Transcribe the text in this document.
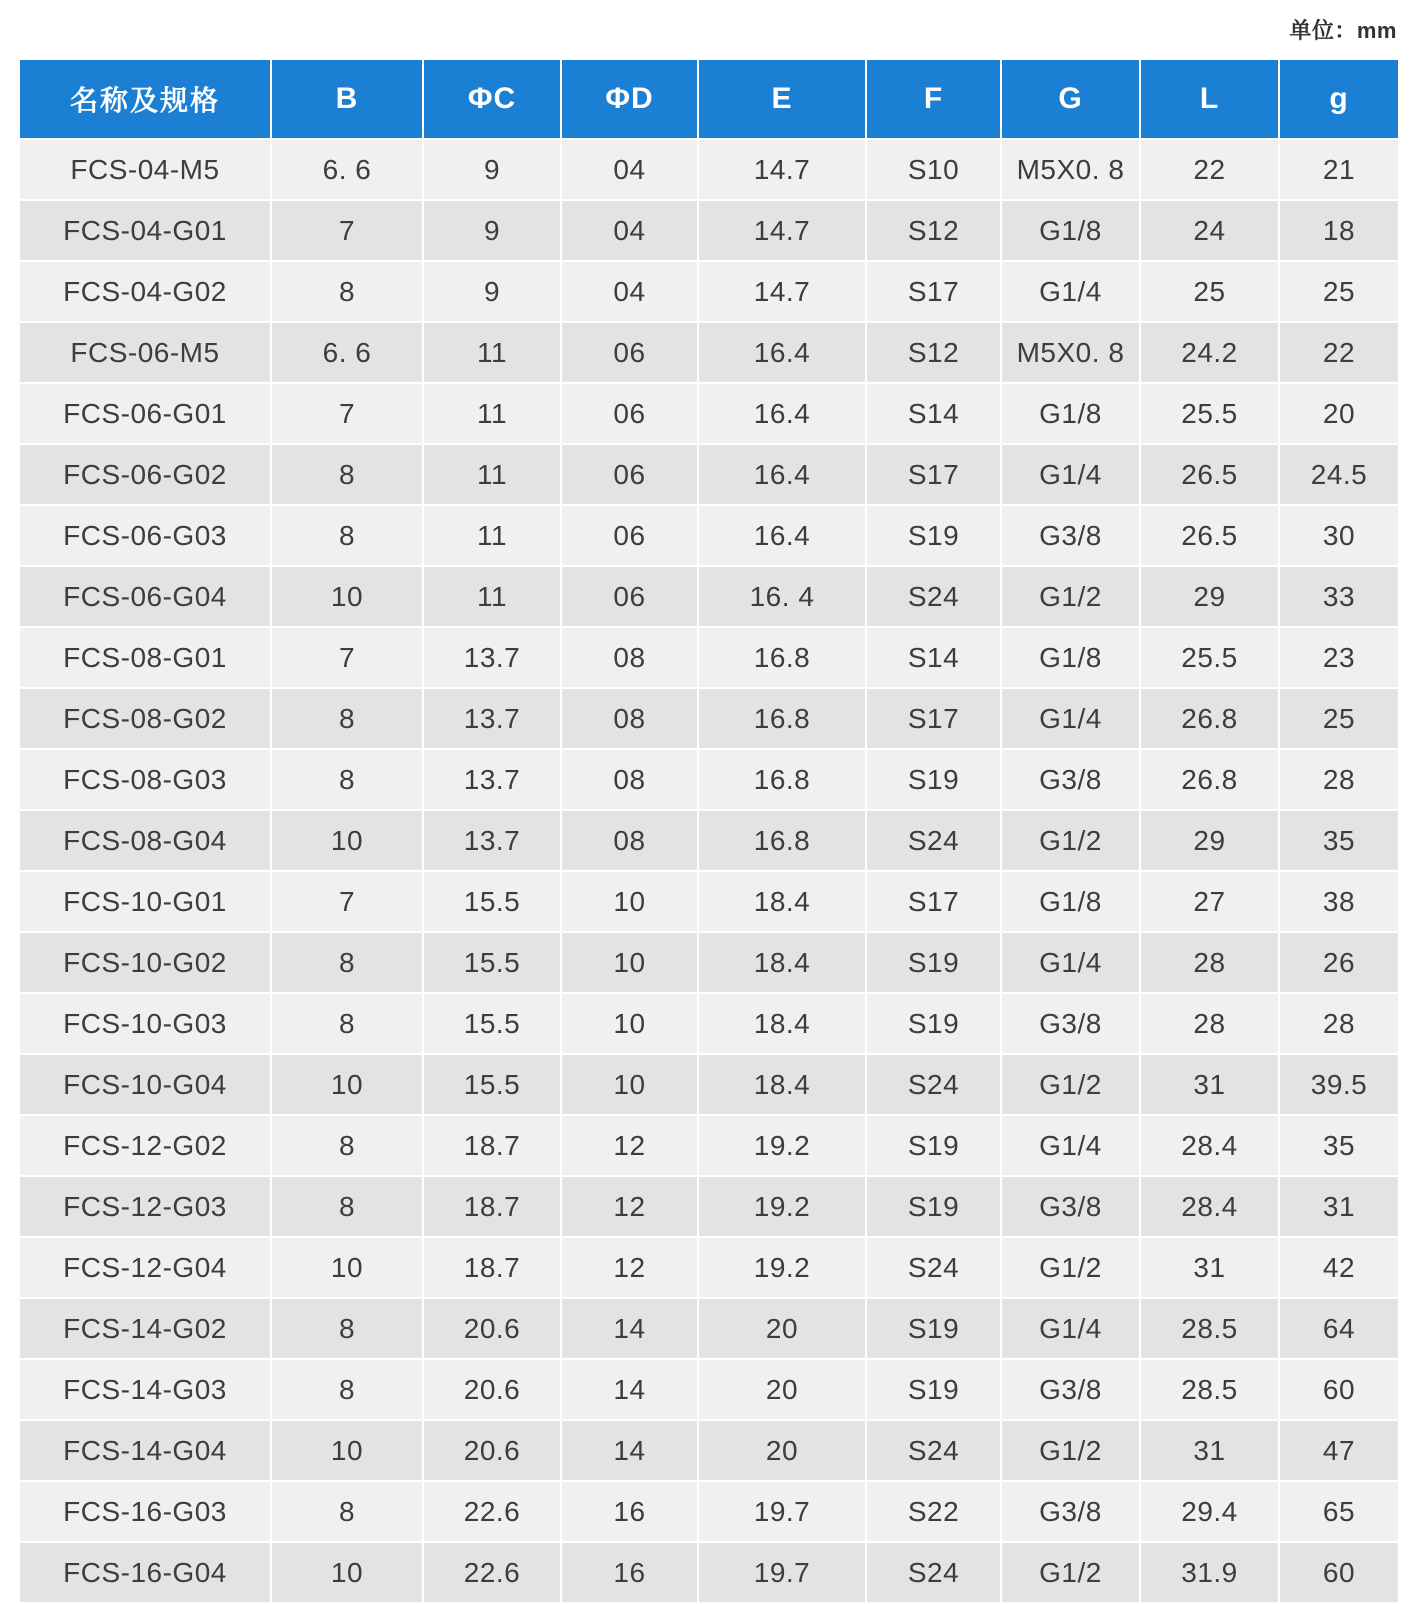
单位：mm
名称及规格	B	ΦC	ΦD	E	F	G	L	g
FCS-04-M5	6. 6	9	04	14.7	S10	M5X0. 8	22	21
FCS-04-G01	7	9	04	14.7	S12	G1/8	24	18
FCS-04-G02	8	9	04	14.7	S17	G1/4	25	25
FCS-06-M5	6. 6	11	06	16.4	S12	M5X0. 8	24.2	22
FCS-06-G01	7	11	06	16.4	S14	G1/8	25.5	20
FCS-06-G02	8	11	06	16.4	S17	G1/4	26.5	24.5
FCS-06-G03	8	11	06	16.4	S19	G3/8	26.5	30
FCS-06-G04	10	11	06	16. 4	S24	G1/2	29	33
FCS-08-G01	7	13.7	08	16.8	S14	G1/8	25.5	23
FCS-08-G02	8	13.7	08	16.8	S17	G1/4	26.8	25
FCS-08-G03	8	13.7	08	16.8	S19	G3/8	26.8	28
FCS-08-G04	10	13.7	08	16.8	S24	G1/2	29	35
FCS-10-G01	7	15.5	10	18.4	S17	G1/8	27	38
FCS-10-G02	8	15.5	10	18.4	S19	G1/4	28	26
FCS-10-G03	8	15.5	10	18.4	S19	G3/8	28	28
FCS-10-G04	10	15.5	10	18.4	S24	G1/2	31	39.5
FCS-12-G02	8	18.7	12	19.2	S19	G1/4	28.4	35
FCS-12-G03	8	18.7	12	19.2	S19	G3/8	28.4	31
FCS-12-G04	10	18.7	12	19.2	S24	G1/2	31	42
FCS-14-G02	8	20.6	14	20	S19	G1/4	28.5	64
FCS-14-G03	8	20.6	14	20	S19	G3/8	28.5	60
FCS-14-G04	10	20.6	14	20	S24	G1/2	31	47
FCS-16-G03	8	22.6	16	19.7	S22	G3/8	29.4	65
FCS-16-G04	10	22.6	16	19.7	S24	G1/2	31.9	60
